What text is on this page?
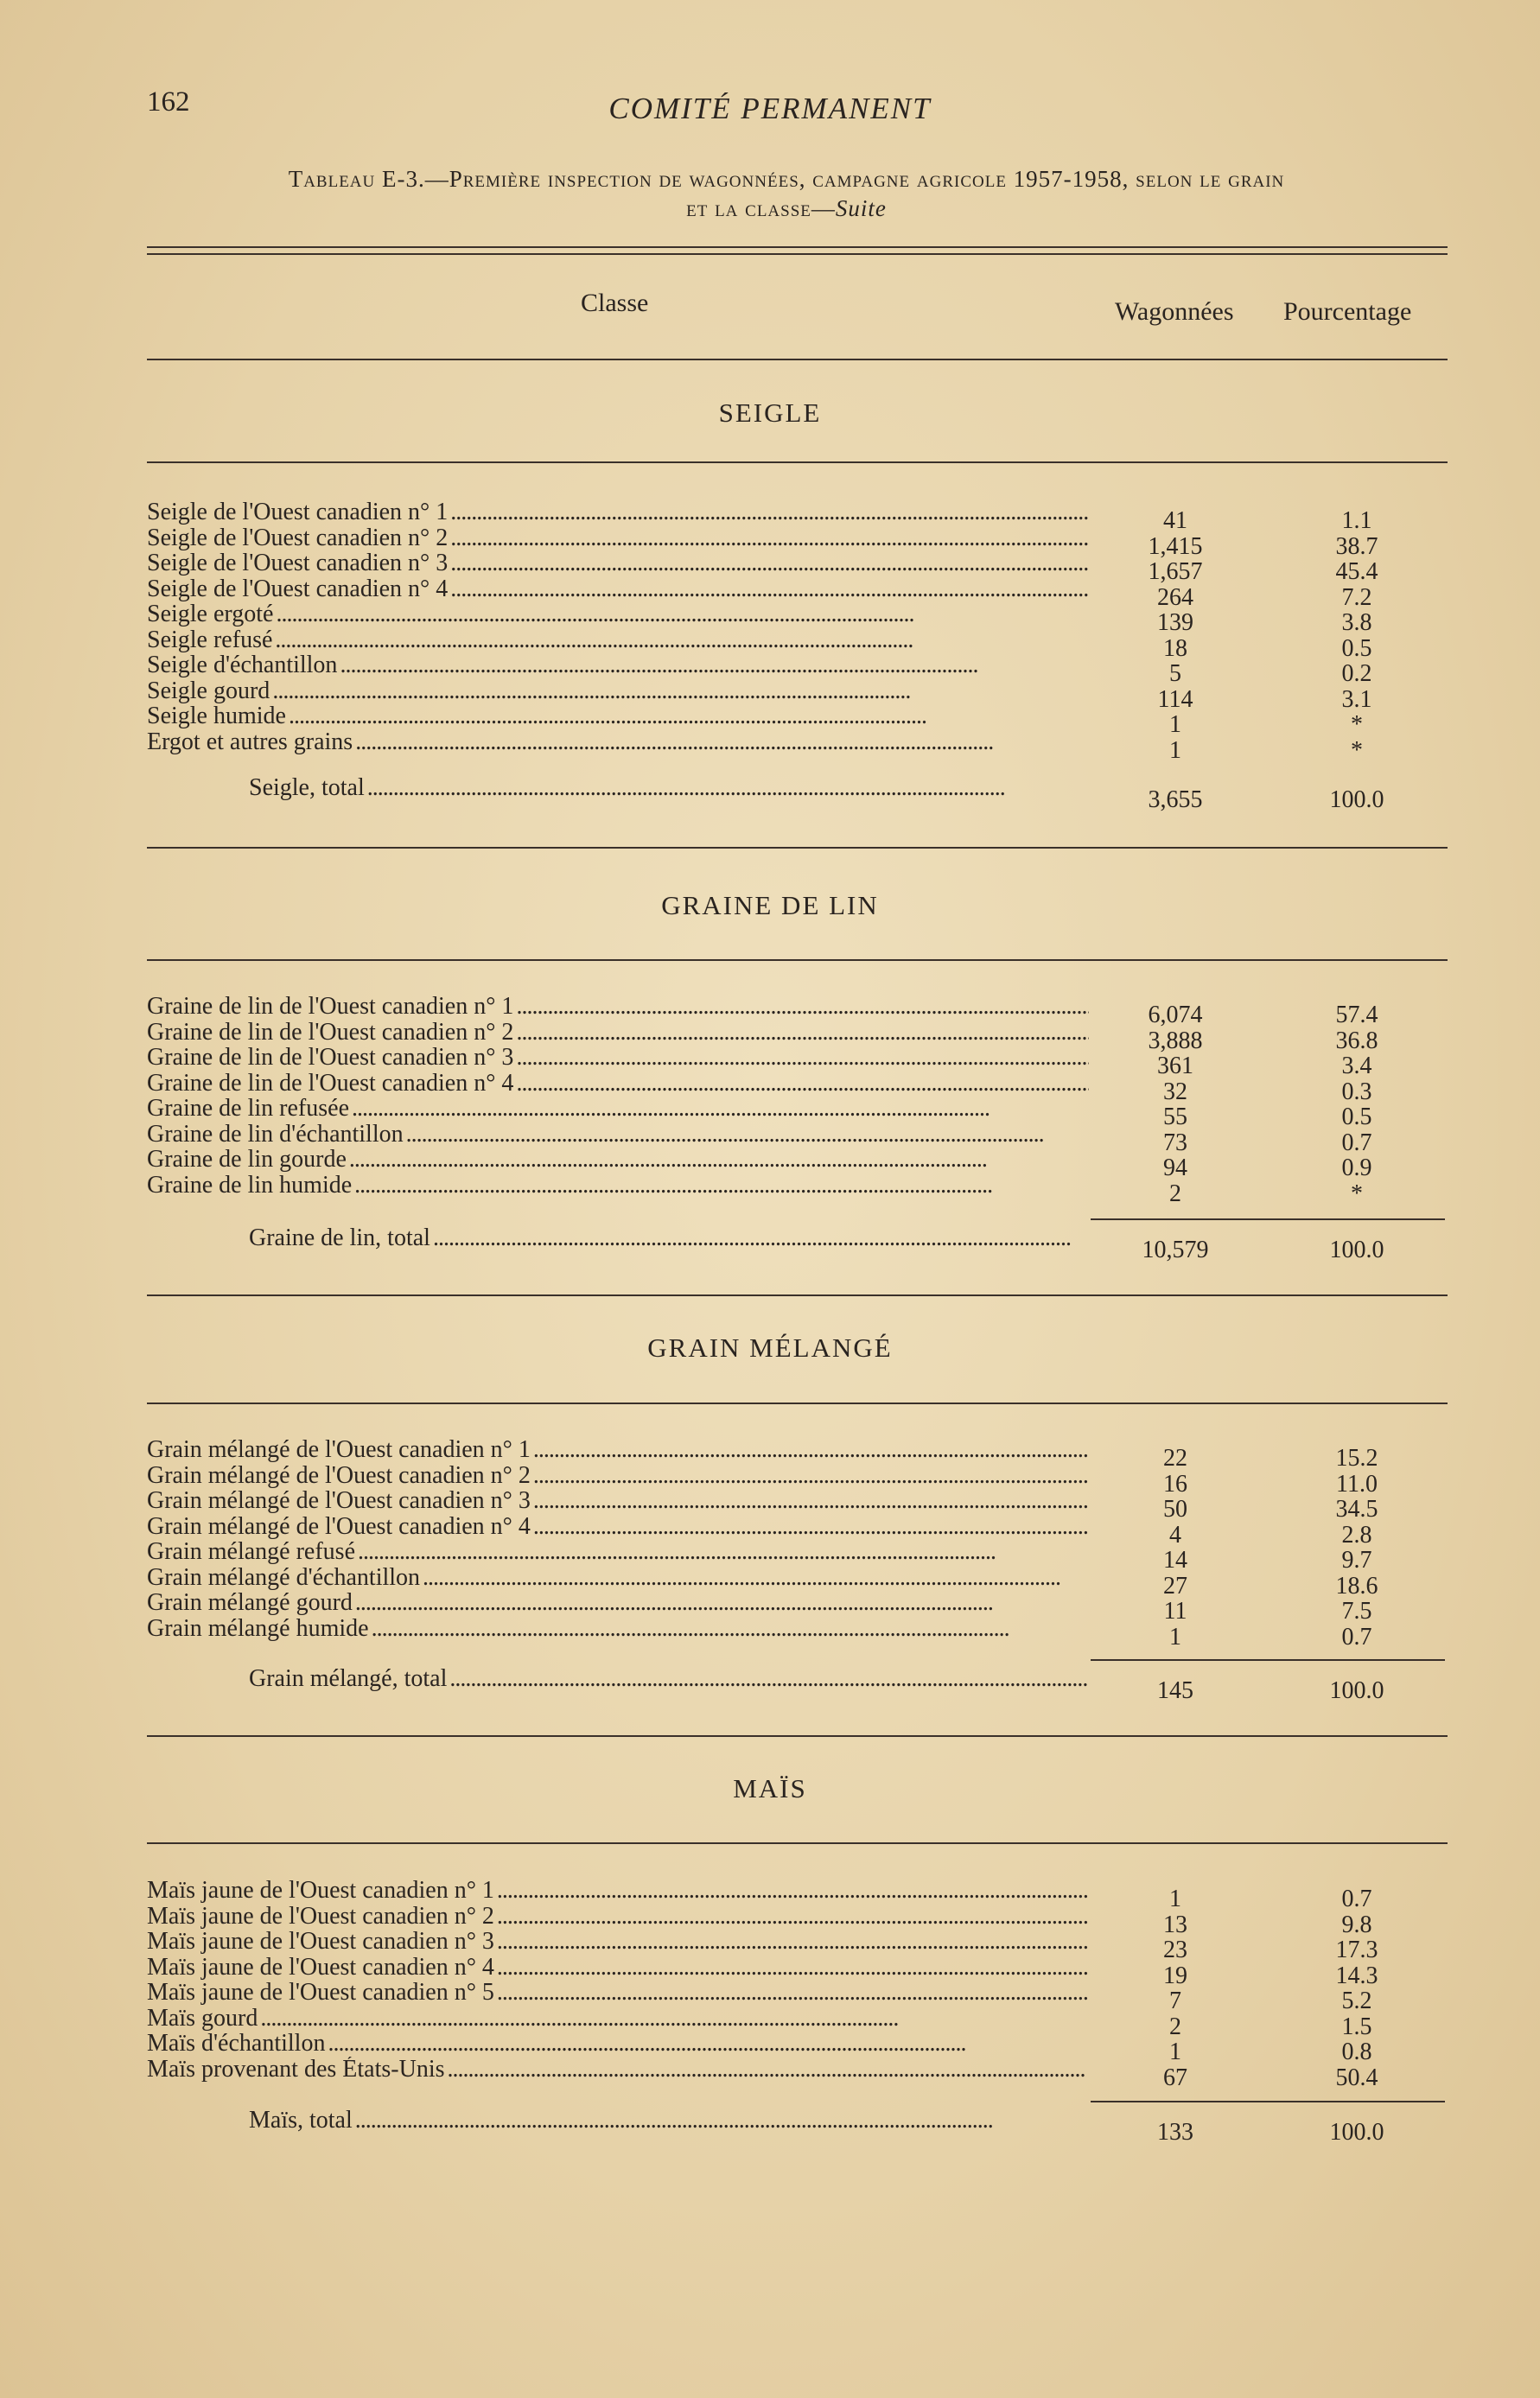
162	COMITÉ PERMANENT
Tableau E-3.—Première inspection de wagonnées, campagne agricole 1957-1958, selon le grain
et la classe—Suite
Classe	Wagonnées Pourcentage
SEIGLE
Seigle de l'Ouest canadien n° 1 . . .	41	1.1
Seigle de l'Ouest canadien n° 2 . . .	1,415	38.7
Seigle de l'Ouest canadien n° 3 . . .	1,657	45.4
Seigle de l'Ouest canadien n° 4 . . .	264	7.2
Seigle ergoté . . .	139	3.8
Seigle refusé . . .	18	0.5
Seigle d'échantillon . . .	5	0.2
Seigle gourd . . .	114	3.1
Seigle humide . . .	1	*
Ergot et autres grains . . .	1	*
Seigle, total . . .	3,655	100.0
GRAINE DE LIN
Graine de lin de l'Ouest canadien n° 1 . . .	6,074	57.4
Graine de lin de l'Ouest canadien n° 2 . . .	3,888	36.8
Graine de lin de l'Ouest canadien n° 3 . . .	361	3.4
Graine de lin de l'Ouest canadien n° 4 . . .	32	0.3
Graine de lin refusée . . .	55	0.5
Graine de lin d'échantillon . . .	73	0.7
Graine de lin gourde . . .	94	0.9
Graine de lin humide . . .	2	*
Graine de lin, total . . .	10,579	100.0
GRAIN MÉLANGÉ
Grain mélangé de l'Ouest canadien n° 1 . . .	22	15.2
Grain mélangé de l'Ouest canadien n° 2 . . .	16	11.0
Grain mélangé de l'Ouest canadien n° 3 . . .	50	34.5
Grain mélangé de l'Ouest canadien n° 4 . . .	4	2.8
Grain mélangé refusé . . .	14	9.7
Grain mélangé d'échantillon . . .	27	18.6
Grain mélangé gourd . . .	11	7.5
Grain mélangé humide . . .	1	0.7
Grain mélangé, total . . .	145	100.0
MAÏS
Maïs jaune de l'Ouest canadien n° 1 . . .	1	0.7
Maïs jaune de l'Ouest canadien n° 2 . . .	13	9.8
Maïs jaune de l'Ouest canadien n° 3 . . .	23	17.3
Maïs jaune de l'Ouest canadien n° 4 . . .	19	14.3
Maïs jaune de l'Ouest canadien n° 5 . . .	7	5.2
Maïs gourd . . .	2	1.5
Maïs d'échantillon . . .	1	0.8
Maïs provenant des États-Unis . . .	67	50.4
Maïs, total . . .	133	100.0
